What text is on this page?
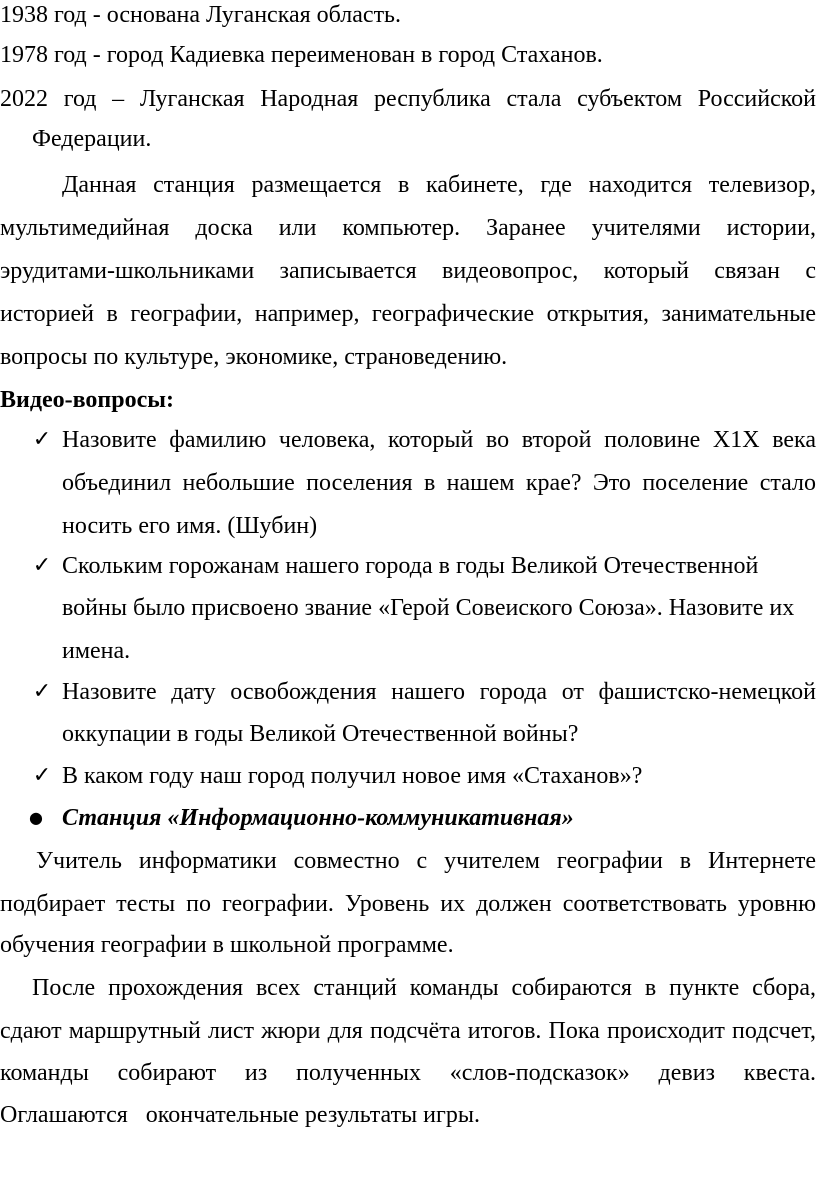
1938 год - основана Луганская область.
1978 год - город Кадиевка переименован в город Стаханов.
2022 год – Луганская Народная республика стала субъектом Российской
Федерации.
Данная станция размещается в кабинете, где находится телевизор,
мультимедийная доска или компьютер. Заранее учителями истории,
эрудитами-школьниками записывается видеовопрос, который связан с
историей в географии, например, географические открытия, занимательные
вопросы по культуре, экономике, страноведению.
Видео-вопросы:
✓ Назовите фамилию человека, который во второй половине Х1Х века
объединил небольшие поселения в нашем крае? Это поселение стало
носить его имя. (Шубин)
✓ Скольким горожанам нашего города в годы Великой Отечественной
войны было присвоено звание «Герой Совеиского Союза». Назовите их
имена.
✓ Назовите дату освобождения нашего города от фашистско-немецкой
оккупации в годы Великой Отечественной войны?
✓ В каком году наш город получил новое имя «Стаханов»?
● Станция «Информационно-коммуникативная»
Учитель информатики совместно с учителем географии в Интернете
подбирает тесты по географии. Уровень их должен соответствовать уровню
обучения географии в школьной программе.
После прохождения всех станций команды собираются в пункте сбора,
сдают маршрутный лист жюри для подсчёта итогов. Пока происходит подсчет,
команды собирают из полученных «слов-подсказок» девиз квеста.
Оглашаются   окончательные результаты игры.
